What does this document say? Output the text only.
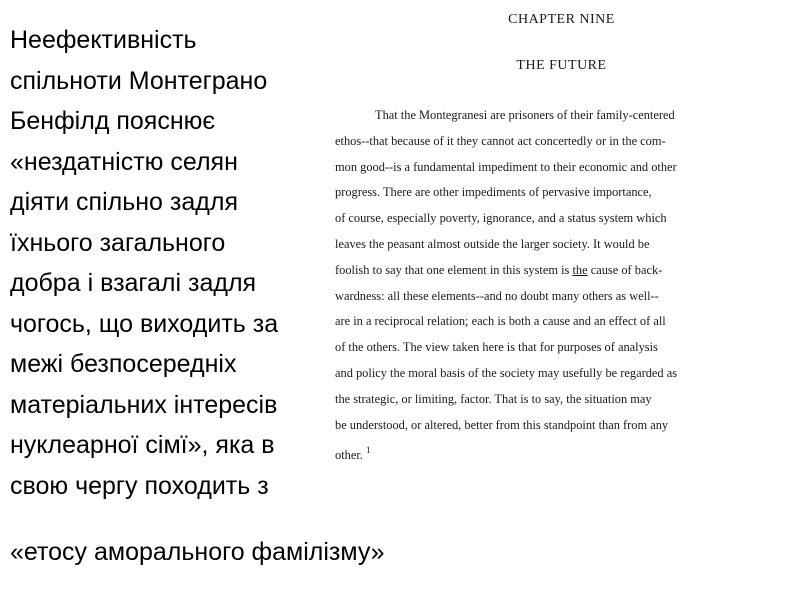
Неефективність
спільноти Монтеграно
Бенфілд пояснює
«нездатністю селян
діяти спільно задля
їхнього загального
добра і взагалі задля
чогось, що виходить за
межі безпосередніх
матеріальних інтересів
нуклеарної сімї», яка в
свою чергу походить з
CHAPTER NINE
THE FUTURE
That the Montegranesi are prisoners of their family-centered
ethos--that because of it they cannot act concertedly or in the com-
mon good--is a fundamental impediment to their economic and other
progress. There are other impediments of pervasive importance,
of course, especially poverty, ignorance, and a status system which
leaves the peasant almost outside the larger society. It would be
foolish to say that one element in this system is the cause of back-
wardness: all these elements--and no doubt many others as well--
are in a reciprocal relation; each is both a cause and an effect of all
of the others. The view taken here is that for purposes of analysis
and policy the moral basis of the society may usefully be regarded as
the strategic, or limiting, factor. That is to say, the situation may
be understood, or altered, better from this standpoint than from any
other. $^1$
«етосу аморального фамілізму»
